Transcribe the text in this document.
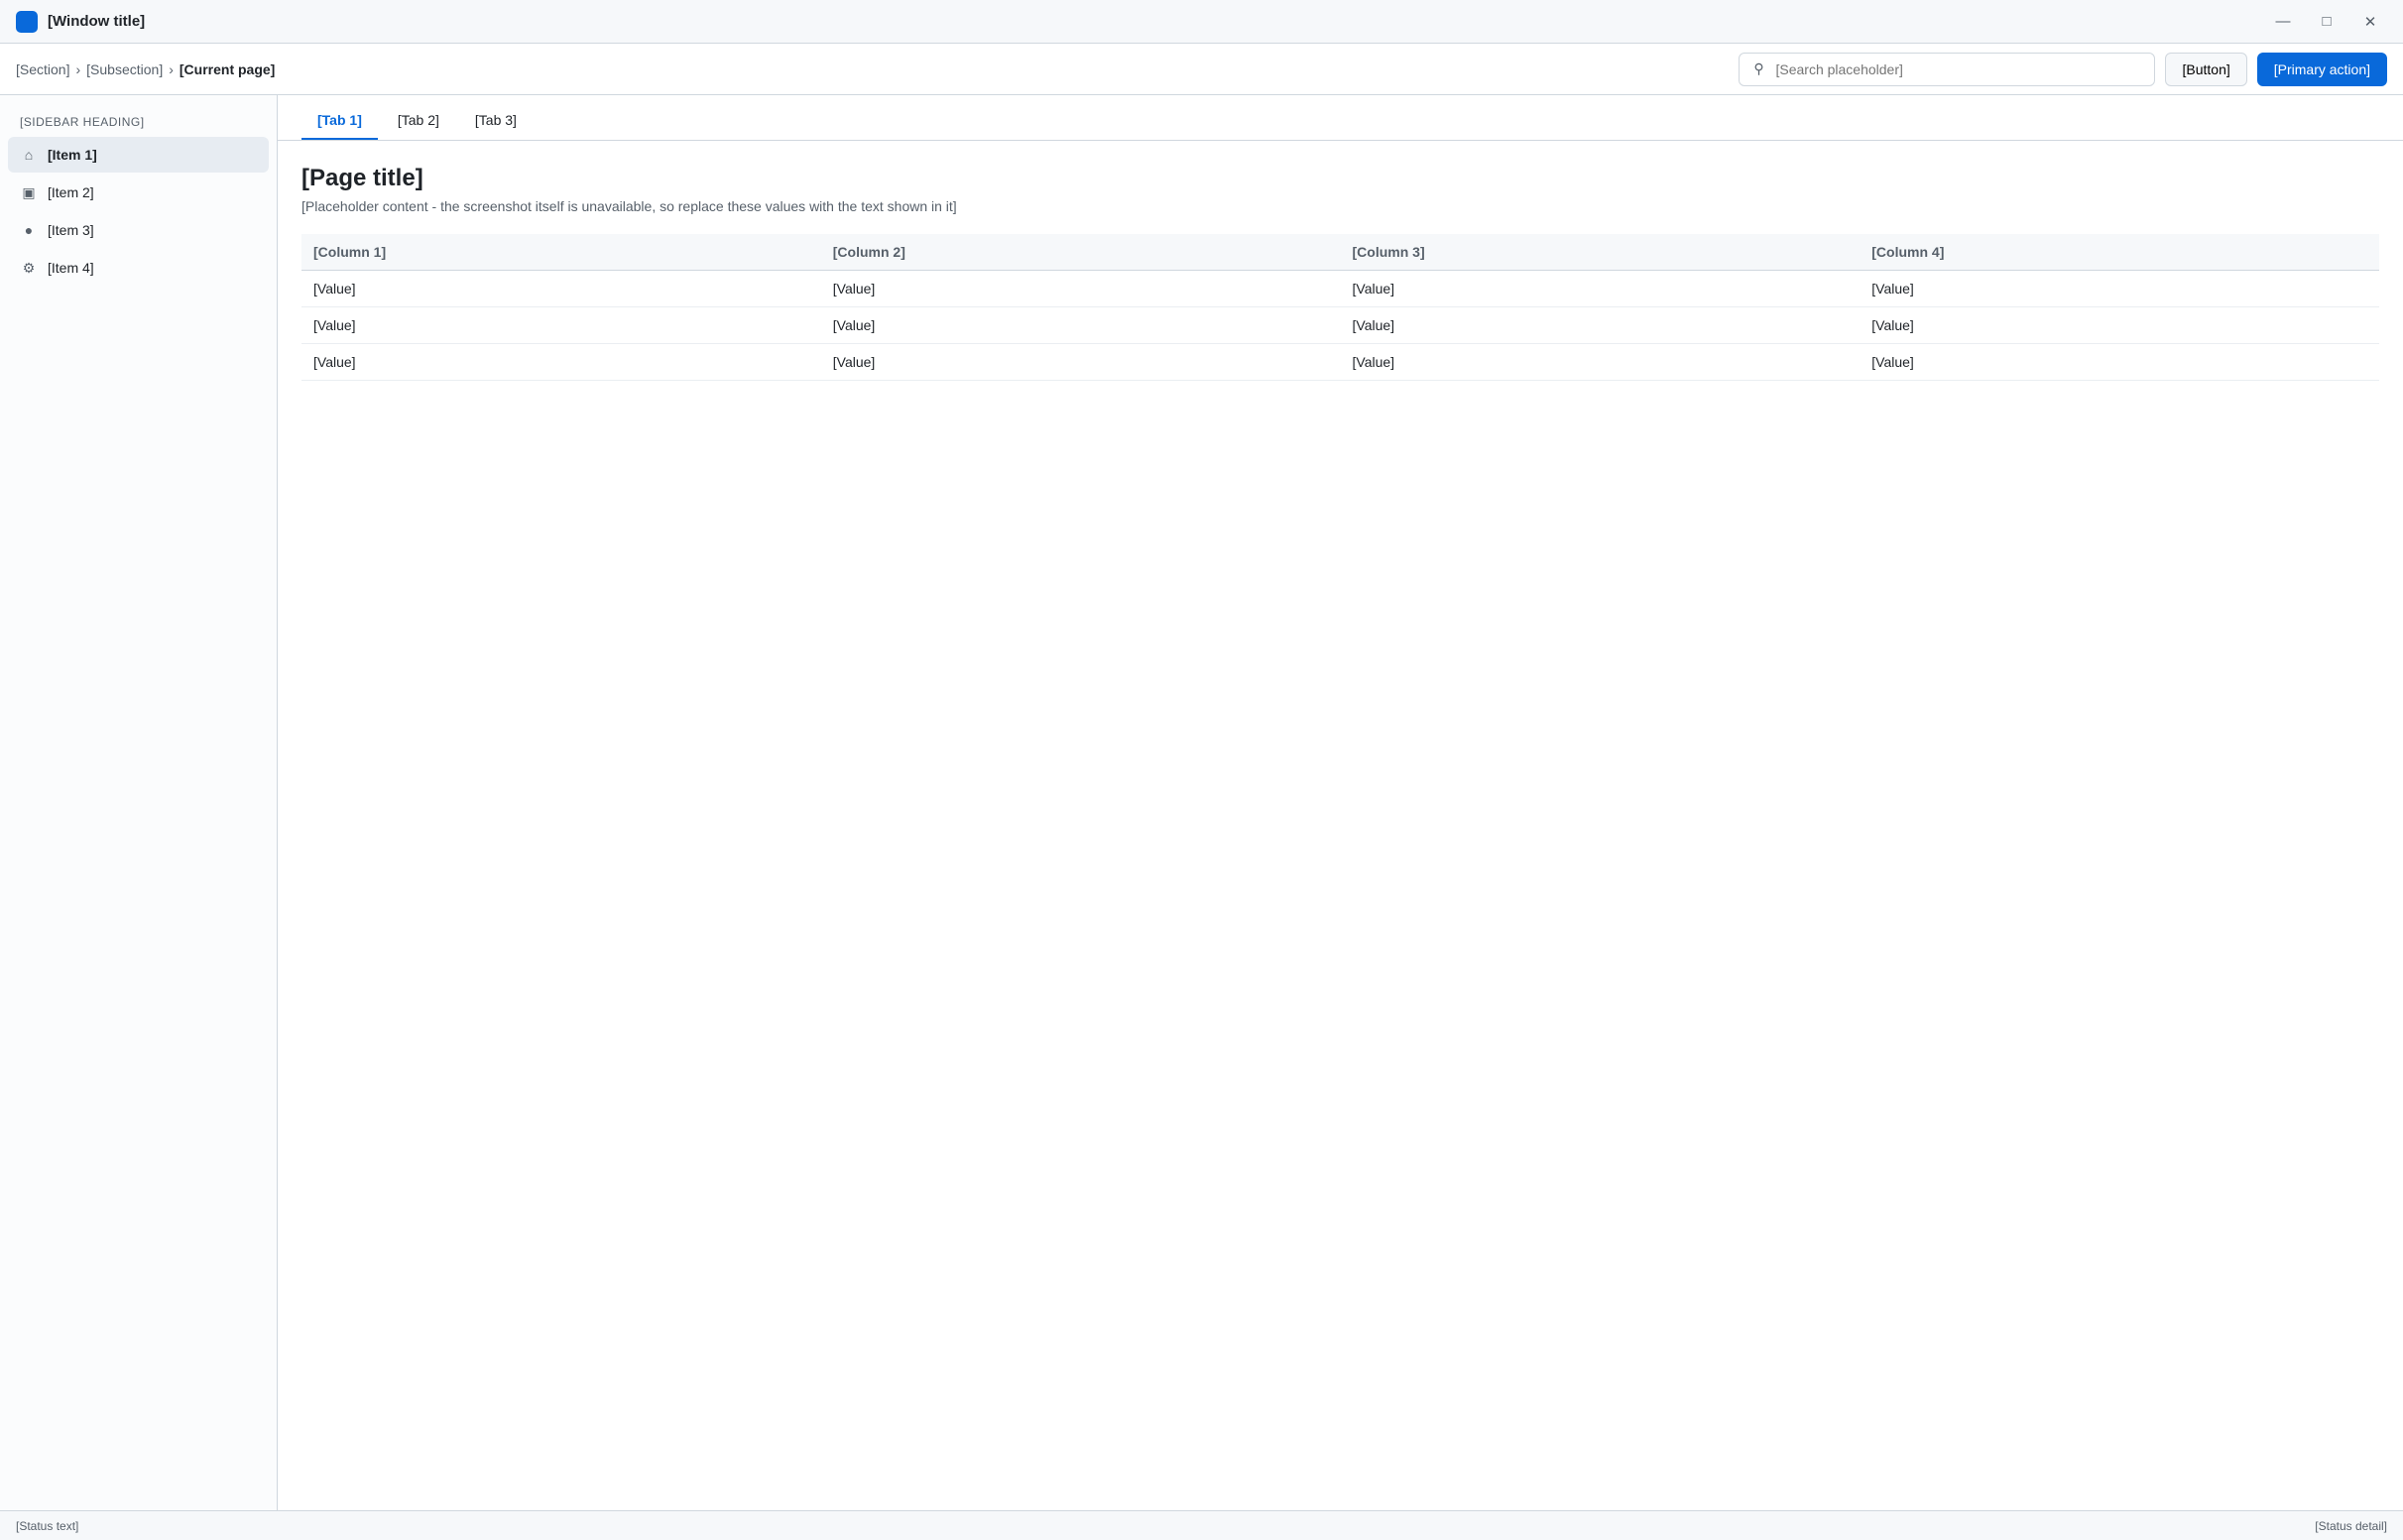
[Window title]	—	□	✕
[Section] › [Subsection] › [Current page]	⚲
[Search placeholder]	[Button]	[Primary action]
[SIDEBAR HEADING]
⌂	[Item 1]
▣ [Item 2]
●	[Item 3]
⚙ [Item 4]
[Tab 1]	[Tab 2]	[Tab 3]
[Page title]

[Placeholder content - the screenshot itself is unavailable, so replace these values with the text shown in it]

[Column 1]	[Column 2]	[Column 3]	[Column 4]
[Value]	[Value]	[Value]	[Value]
[Value]	[Value]	[Value]	[Value]
[Value]	[Value]	[Value]	[Value]
[Status text]	[Status detail]
